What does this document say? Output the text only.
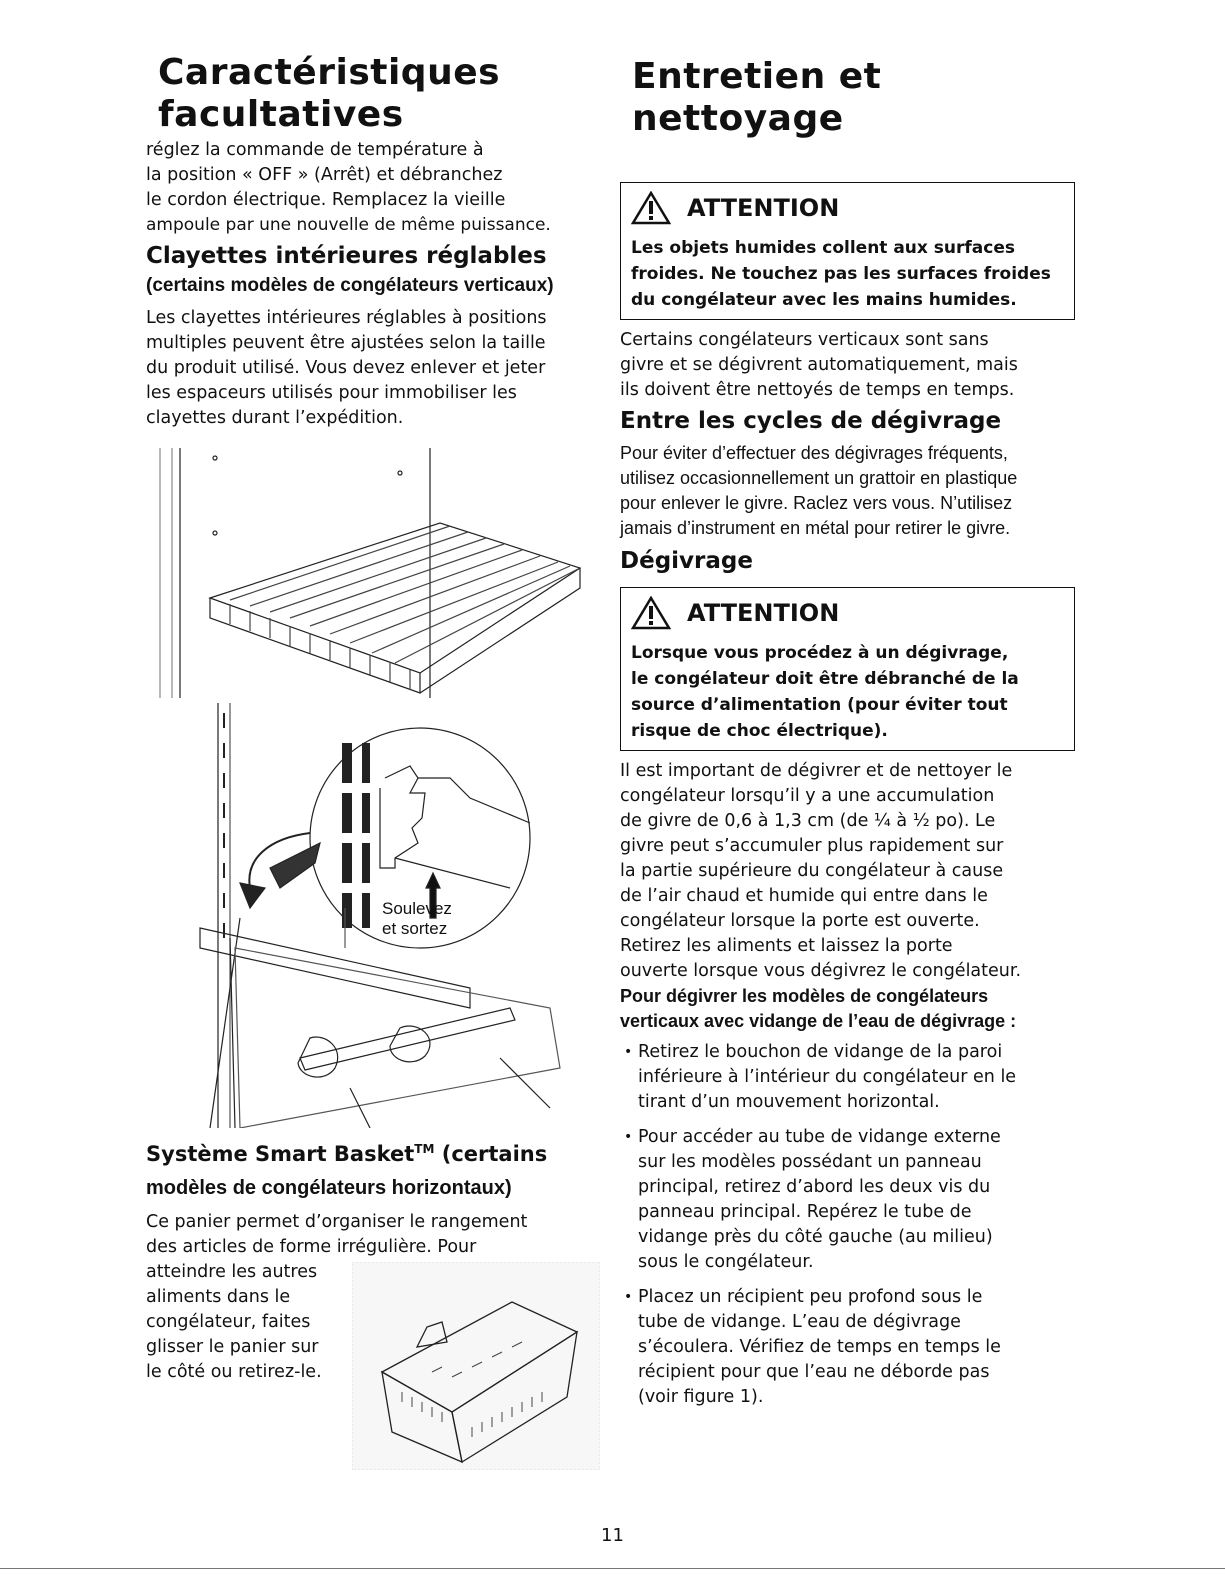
Caractéristiques
facultatives

réglez la commande de température à

la position « OFF » (Arrêt) et débranchez

le cordon électrique. Remplacez la vieille

ampoule par une nouvelle de même puissance.

Clayettes intérieures réglables
(certains modèles de congélateurs verticaux)

Les clayettes intérieures réglables à positions

multiples peuvent être ajustées selon la taille

du produit utilisé. Vous devez enlever et jeter

les espaceurs utilisés pour immobiliser les

clayettes durant l’expédition.

Soulevez
et sortez
Système Smart Basket™ (certains
modèles de congélateurs horizontaux)

Ce panier permet d’organiser le rangement

des articles de forme irrégulière. Pour

atteindre les autres

aliments dans le

congélateur, faites

glisser le panier sur

le côté ou retirez-le.

Entretien et nettoyage
ATTENTION
Les objets humides collent aux surfaces
froides. Ne touchez pas les surfaces froides
du congélateur avec les mains humides.

Certains congélateurs verticaux sont sans

givre et se dégivrent automatiquement, mais

ils doivent être nettoyés de temps en temps.

Entre les cycles de dégivrage

Pour éviter d’effectuer des dégivrages fréquents,

utilisez occasionnellement un grattoir en plastique

pour enlever le givre. Raclez vers vous. N’utilisez

jamais d’instrument en métal pour retirer le givre.

Dégivrage
ATTENTION
Lorsque vous procédez à un dégivrage,
le congélateur doit être débranché de la
source d’alimentation (pour éviter tout
risque de choc électrique).

Il est important de dégivrer et de nettoyer le

congélateur lorsqu’il y a une accumulation

de givre de 0,6 à 1,3 cm (de ¼ à ½ po). Le

givre peut s’accumuler plus rapidement sur

la partie supérieure du congélateur à cause

de l’air chaud et humide qui entre dans le

congélateur lorsque la porte est ouverte.

Retirez les aliments et laissez la porte

ouverte lorsque vous dégivrez le congélateur.

Pour dégivrer les modèles de congélateurs

verticaux avec vidange de l’eau de dégivrage :

• Retirez le bouchon de vidange de la paroi
inférieure à l’intérieur du congélateur en le
tirant d’un mouvement horizontal.
• Pour accéder au tube de vidange externe
sur les modèles possédant un panneau
principal, retirez d’abord les deux vis du
panneau principal. Repérez le tube de
vidange près du côté gauche (au milieu)
sous le congélateur.
• Placez un récipient peu profond sous le
tube de vidange. L’eau de dégivrage
s’écoulera. Vérifiez de temps en temps le
récipient pour que l’eau ne déborde pas
(voir figure 1).
11
